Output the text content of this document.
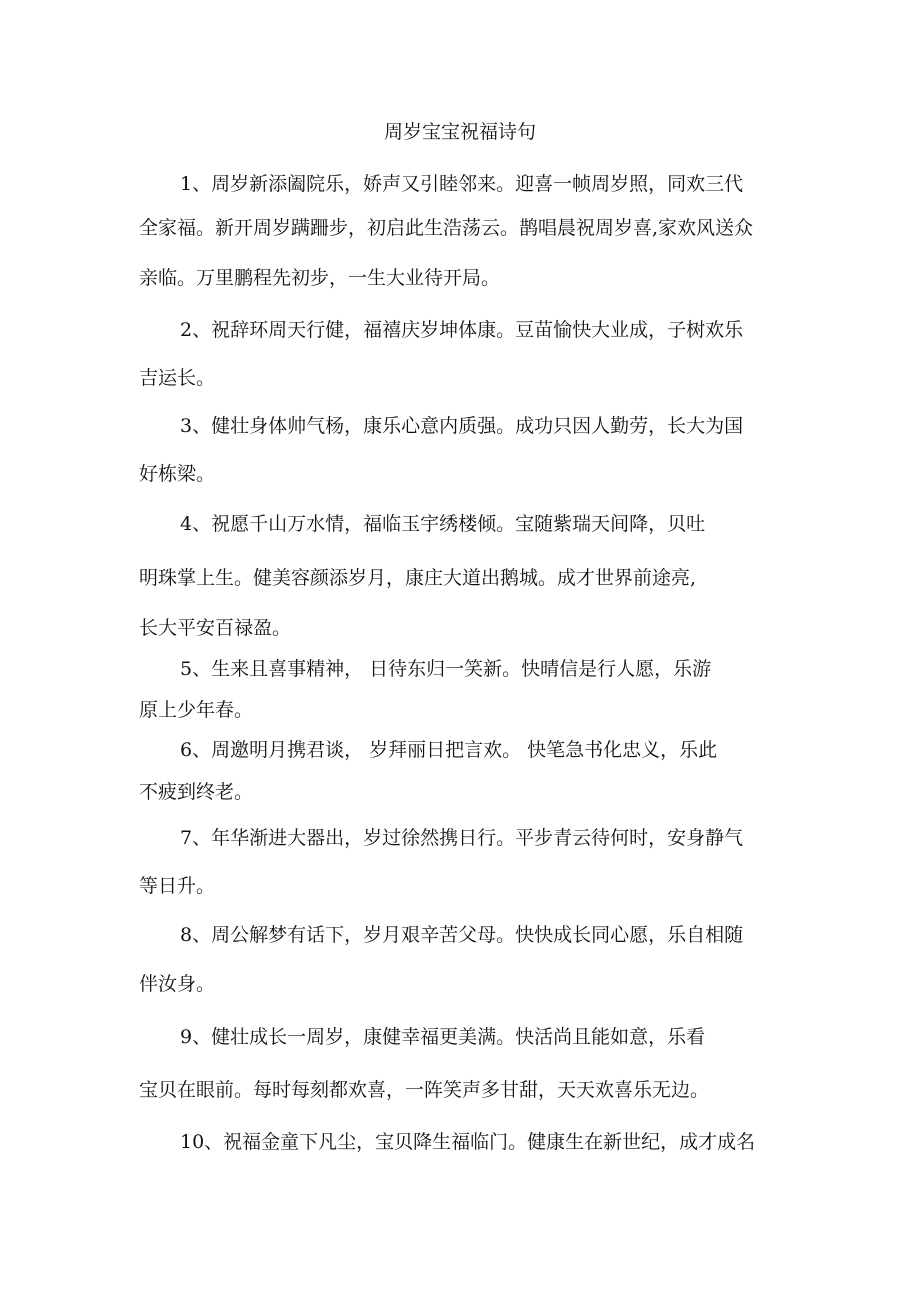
周岁宝宝祝福诗句
1、周岁新添阖院乐，娇声又引睦邻来。迎喜一帧周岁照，同欢三代
全家福。新开周岁蹒跚步，初启此生浩荡云。鹊唱晨祝周岁喜,家欢风送众
亲临。万里鹏程先初步，一生大业待开局。
2、祝辞环周天行健，福禧庆岁坤体康。豆苗愉快大业成，子树欢乐
吉运长。
3、健壮身体帅气杨，康乐心意内质强。成功只因人勤劳，长大为国
好栋梁。
4、祝愿千山万水情，福临玉宇绣楼倾。宝随紫瑞天间降，贝吐
明珠掌上生。健美容颜添岁月，康庄大道出鹅城。成才世界前途亮,
长大平安百禄盈。
5、生来且喜事精神， 日待东归一笑新。快晴信是行人愿，乐游
原上少年春。
6、周邀明月携君谈， 岁拜丽日把言欢。 快笔急书化忠义，乐此
不疲到终老。
7、年华渐进大器出，岁过徐然携日行。平步青云待何时，安身静气
等日升。
8、周公解梦有话下，岁月艰辛苦父母。快快成长同心愿，乐自相随
伴汝身。
9、健壮成长一周岁，康健幸福更美满。快活尚且能如意，乐看
宝贝在眼前。每时每刻都欢喜，一阵笑声多甘甜，天天欢喜乐无边。
10、祝福金童下凡尘，宝贝降生福临门。健康生在新世纪，成才成名
